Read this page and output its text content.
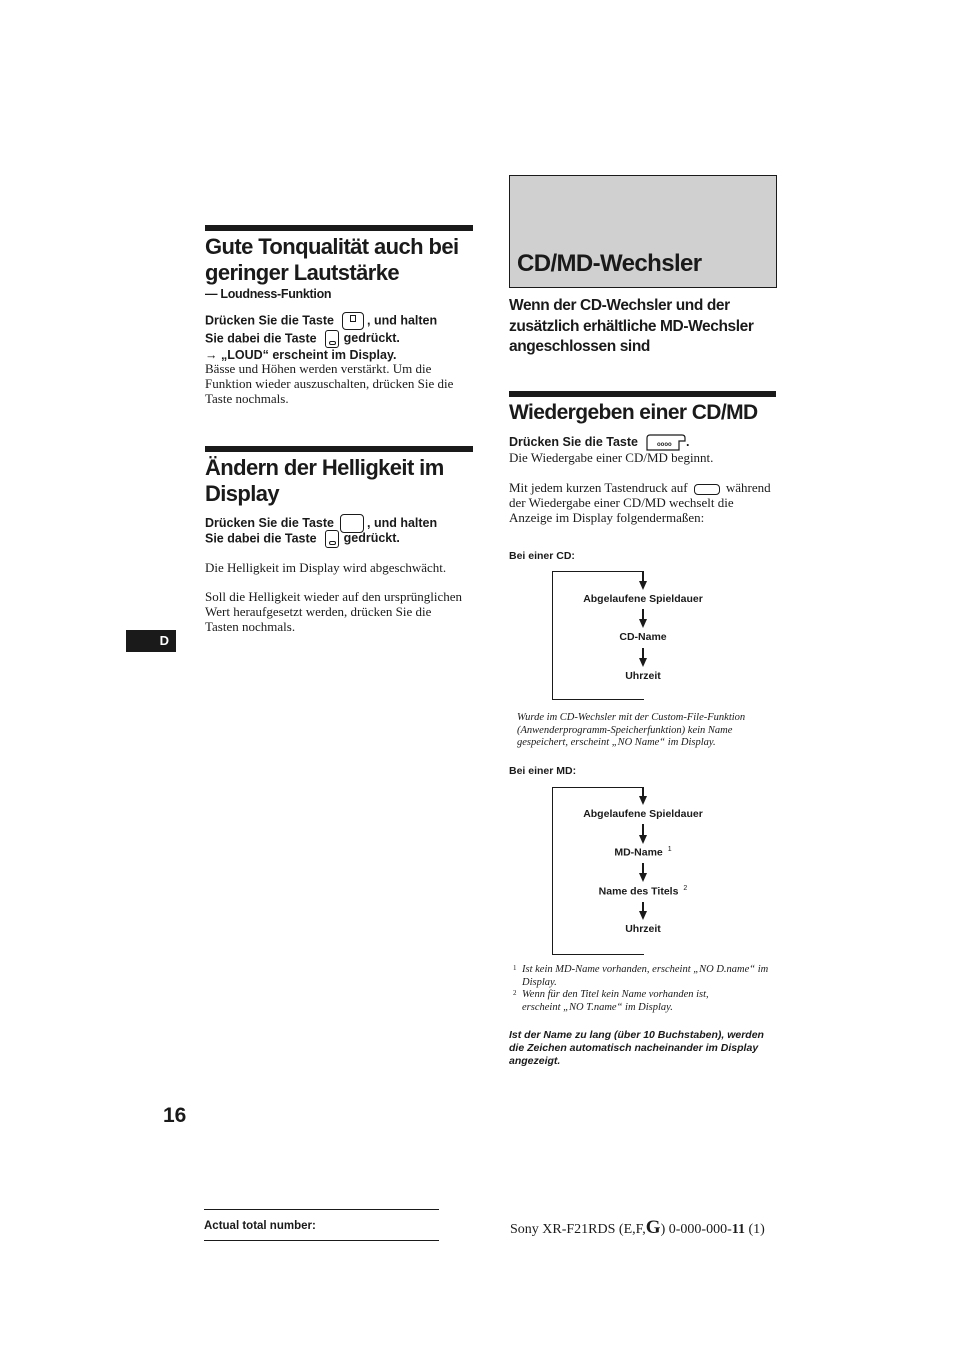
Gute Tonqualität auch bei geringer Lautstärke
— Loudness-Funktion
Drücken Sie die Taste	, und halten
Sie dabei die Taste gedrückt.
→ „LOUD“ erscheint im Display.
Bässe und Höhen werden verstärkt. Um die Funktion wieder auszuschalten, drücken Sie die Taste nochmals.
Ändern der Helligkeit im Display
Drücken Sie die Taste	, und halten
Sie dabei die Taste gedrückt.
Die Helligkeit im Display wird abgeschwächt.
Soll die Helligkeit wieder auf den ursprünglichen Wert heraufgesetzt werden, drücken Sie die Tasten nochmals.
D
16
CD/MD-Wechsler
Wenn der CD-Wechsler und der zusätzlich erhältliche MD-Wechsler angeschlossen sind
Wiedergeben einer CD/MD
Drücken Sie die Taste	oooo .
Die Wiedergabe einer CD/MD beginnt.
Mit jedem kurzen Tastendruck auf	während der Wiedergabe einer CD/MD wechselt die Anzeige im Display folgendermaßen:
Bei einer CD:
Abgelaufene Spieldauer
CD-Name
Uhrzeit
Wurde im CD-Wechsler mit der Custom-File-Funktion (Anwenderprogramm-Speicherfunktion) kein Name gespeichert, erscheint „NO Name“ im Display.
Bei einer MD:
Abgelaufene Spieldauer
MD-Name $^1$
Name des Titels $^2$
Uhrzeit
1 Ist kein MD-Name vorhanden, erscheint „NO D.name“ im Display.
2 Wenn für den Titel kein Name vorhanden ist, erscheint „NO T.name“ im Display.
Ist der Name zu lang (über 10 Buchstaben), werden die Zeichen automatisch nacheinander im Display angezeigt.
Actual total number:	Sony XR-F21RDS (E,F,G) 0-000-000-11 (1)
